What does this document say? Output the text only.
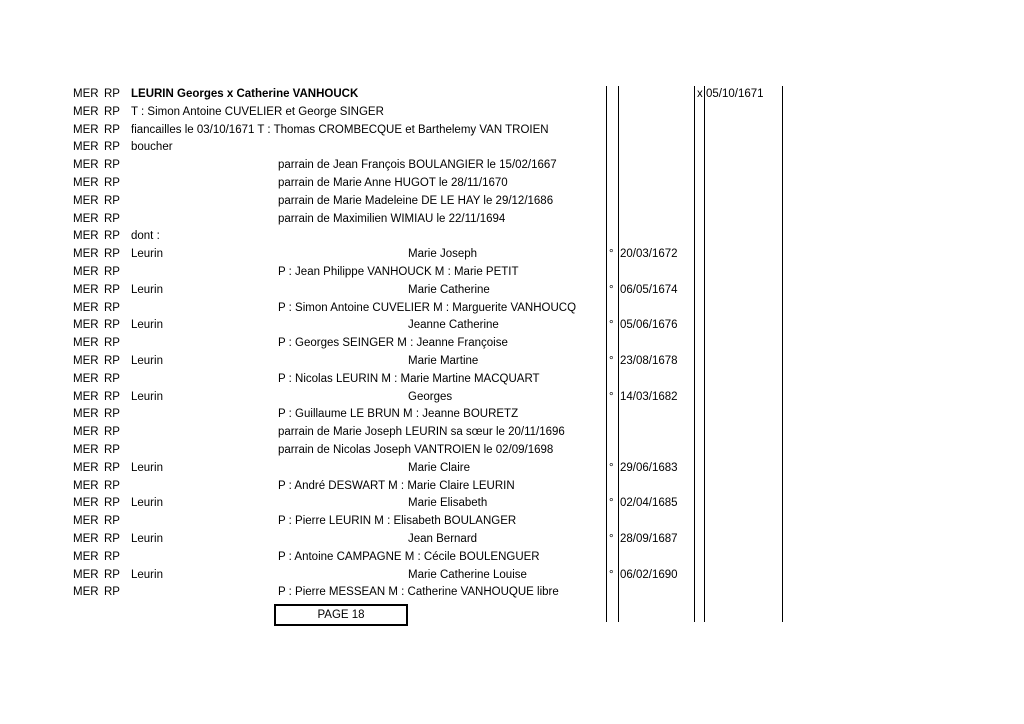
MER RP LEURIN Georges x Catherine VANHOUCK	x 05/10/1671
MER RP T : Simon Antoine CUVELIER et George SINGER
MER RP fiancailles le 03/10/1671 T : Thomas CROMBECQUE et Barthelemy VAN TROIEN
MER RP boucher
MER RP	parrain de Jean François BOULANGIER le 15/02/1667
MER RP	parrain de Marie Anne HUGOT le 28/11/1670
MER RP	parrain de Marie Madeleine DE LE HAY le 29/12/1686
MER RP	parrain de Maximilien WIMIAU le 22/11/1694
MER RP dont :
MER RP Leurin	Marie Joseph	° 20/03/1672
MER RP	P : Jean Philippe VANHOUCK M : Marie PETIT
MER RP Leurin	Marie Catherine	° 06/05/1674
MER RP	P : Simon Antoine CUVELIER M : Marguerite VANHOUCQ
MER RP Leurin	Jeanne Catherine	° 05/06/1676
MER RP	P : Georges SEINGER M : Jeanne Françoise
MER RP Leurin	Marie Martine	° 23/08/1678
MER RP	P : Nicolas LEURIN M : Marie Martine MACQUART
MER RP Leurin	Georges	° 14/03/1682
MER RP	P : Guillaume LE BRUN M : Jeanne BOURETZ
MER RP	parrain de Marie Joseph LEURIN sa sœur le 20/11/1696
MER RP	parrain de Nicolas Joseph VANTROIEN le 02/09/1698
MER RP Leurin	Marie Claire	° 29/06/1683
MER RP	P : André DESWART M : Marie Claire LEURIN
MER RP Leurin	Marie Elisabeth	° 02/04/1685
MER RP	P : Pierre LEURIN M : Elisabeth BOULANGER
MER RP Leurin	Jean Bernard	° 28/09/1687
MER RP	P : Antoine CAMPAGNE M : Cécile BOULENGUER
MER RP Leurin	Marie Catherine Louise	° 06/02/1690
MER RP	P : Pierre MESSEAN M : Catherine VANHOUQUE libre
PAGE 18
